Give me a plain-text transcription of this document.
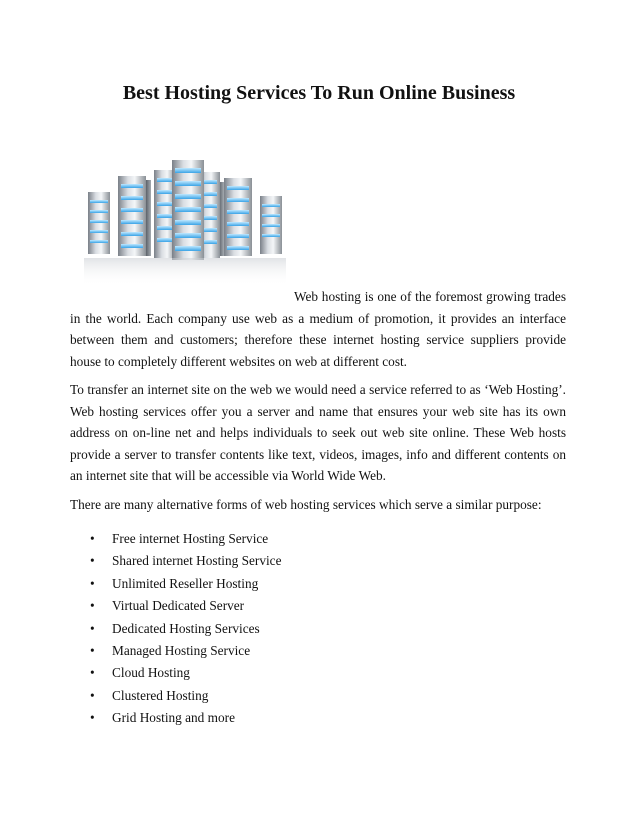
Best Hosting Services To Run Online Business

Web hosting is one of the foremost growing trades in the world. Each company use web as a medium of promotion, it provides an interface between them and customers; therefore these internet hosting service suppliers provide house to completely different websites on web at different cost.

To transfer an internet site on the web we would need a service referred to as ‘Web Hosting’. Web hosting services offer you a server and name that ensures your web site has its own address on on-line net and helps individuals to seek out web site online. These Web hosts provide a server to transfer contents like text, videos, images, info and different contents on an internet site that will be accessible via World Wide Web.

There are many alternative forms of web hosting services which serve a similar purpose:

• Free internet Hosting Service
• Shared internet Hosting Service
• Unlimited Reseller Hosting
• Virtual Dedicated Server
• Dedicated Hosting Services
• Managed Hosting Service
• Cloud Hosting
• Clustered Hosting
• Grid Hosting and more
